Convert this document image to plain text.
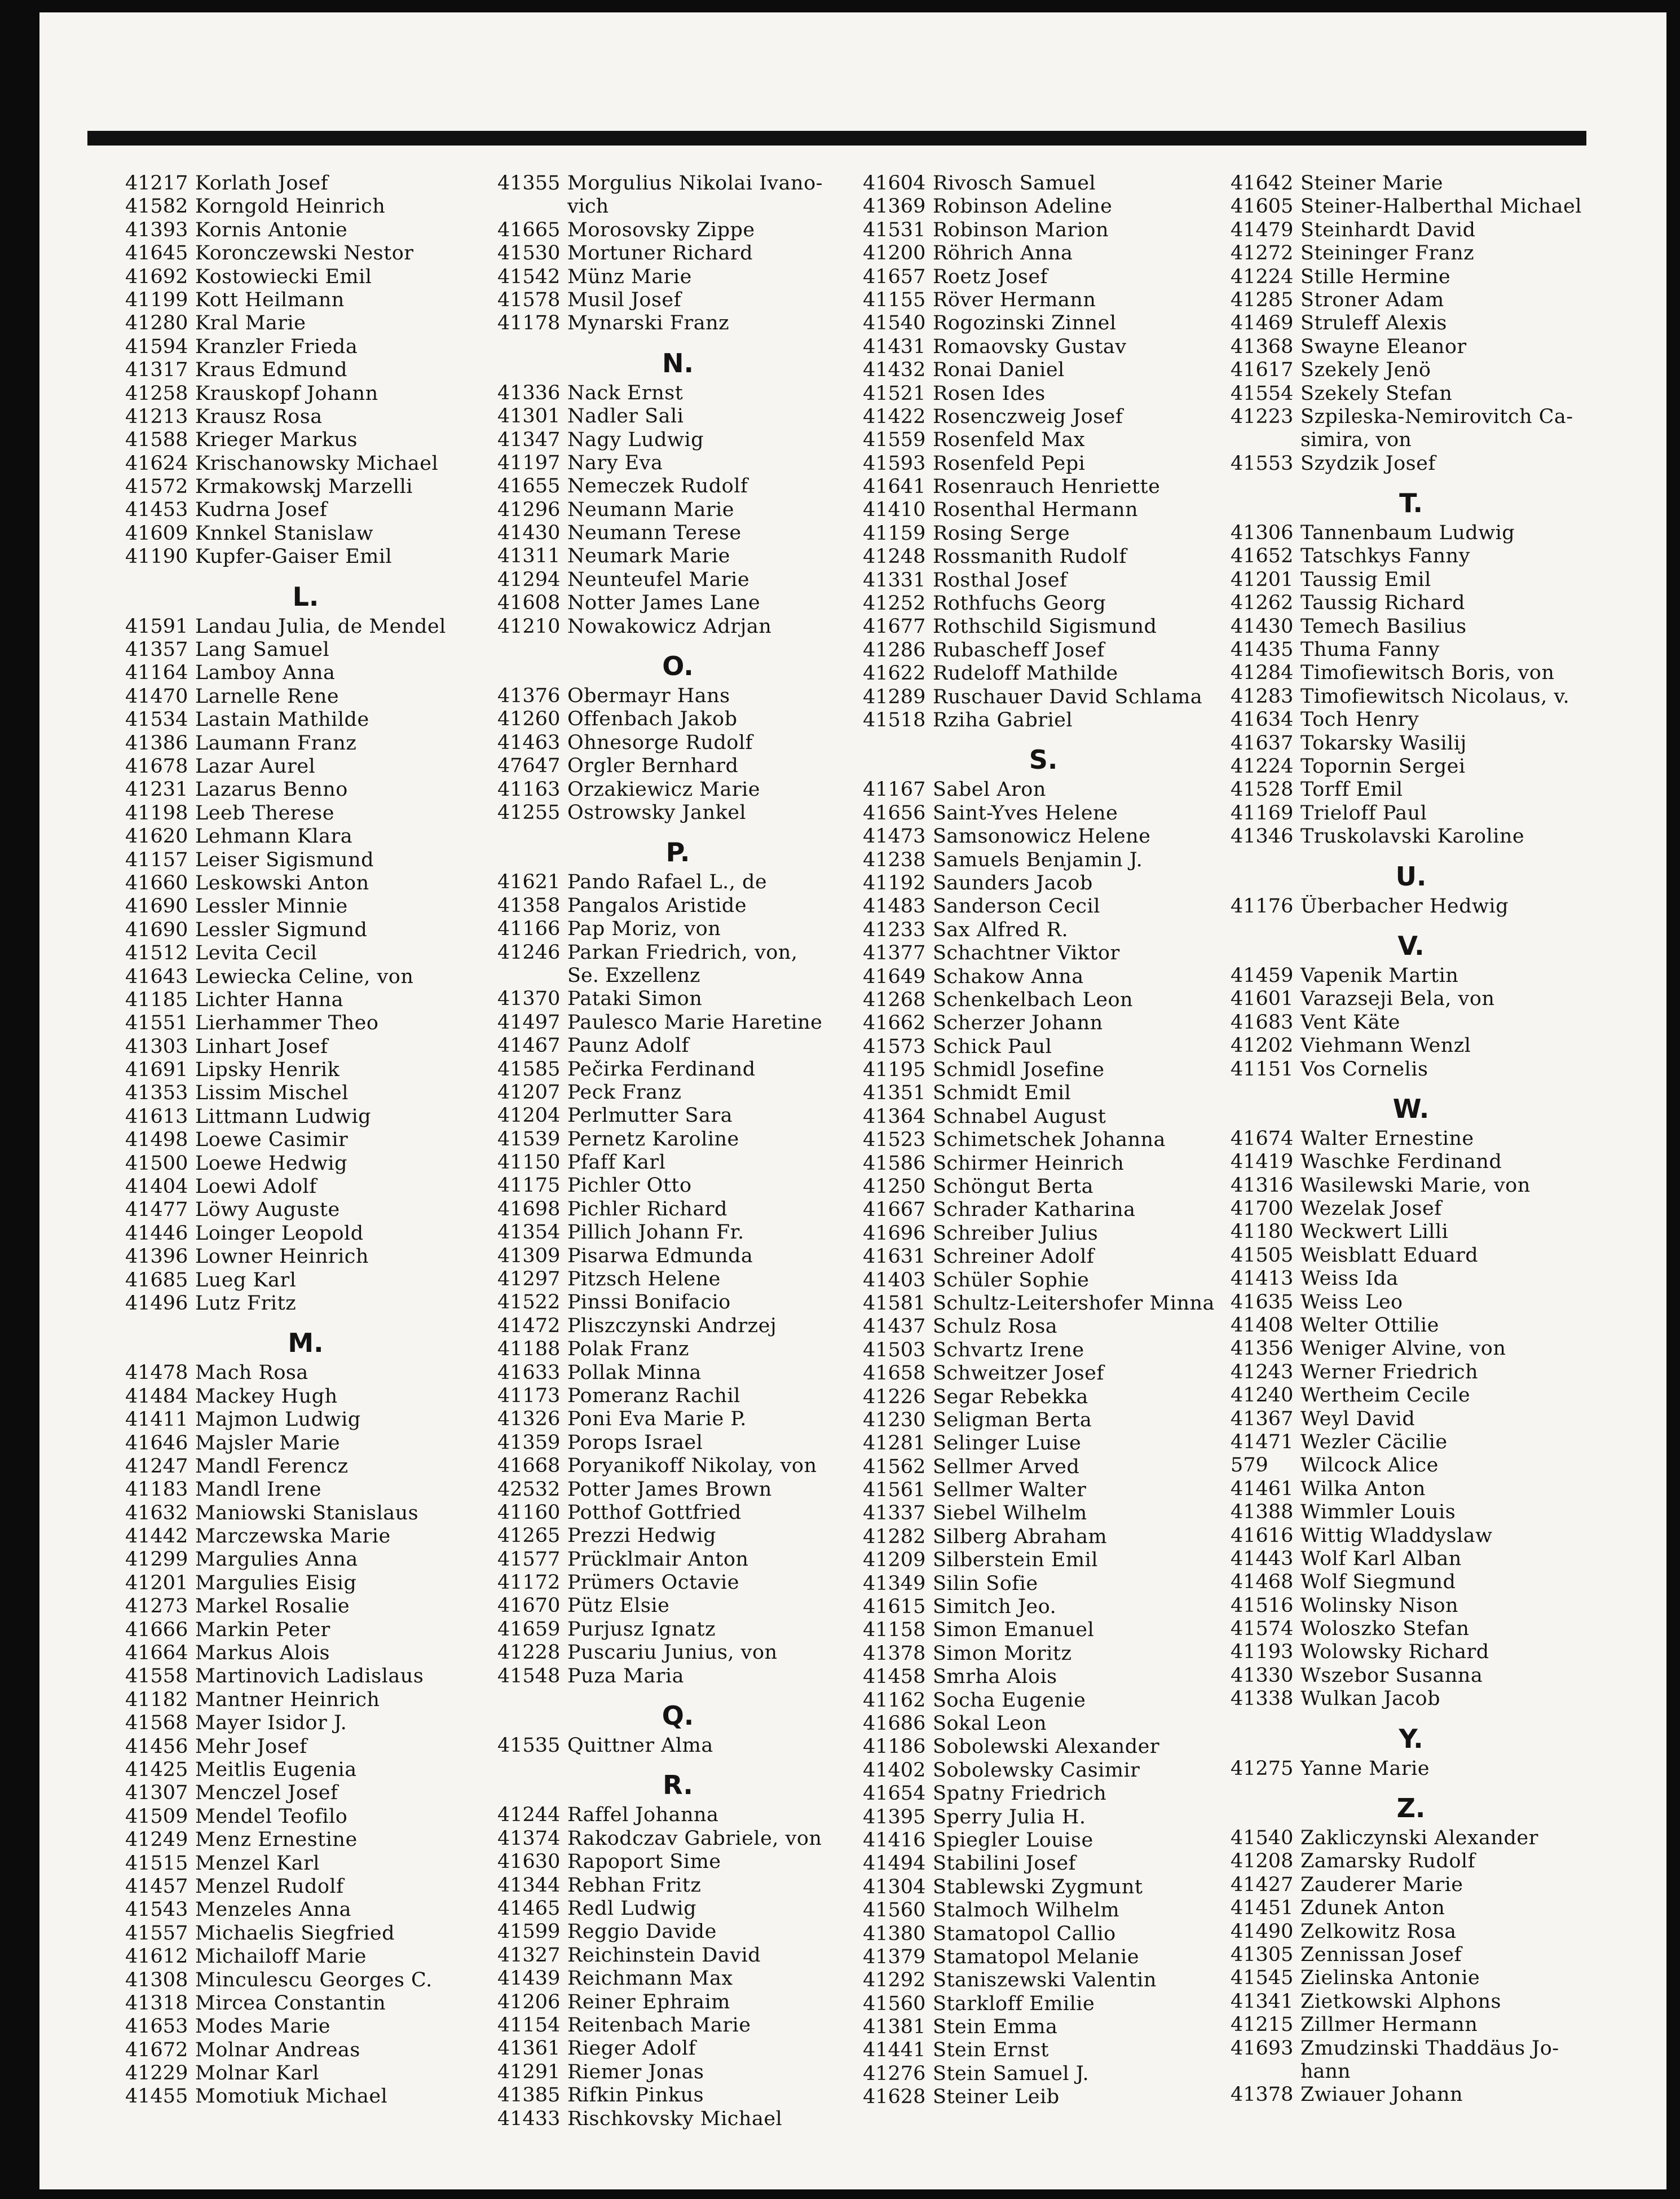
41217 Korlath Josef
41582 Korngold Heinrich
41393 Kornis Antonie
41645 Koronczewski Nestor
41692 Kostowiecki Emil
41199 Kott Heilmann
41280 Kral Marie
41594 Kranzler Frieda
41317 Kraus Edmund
41258 Krauskopf Johann
41213 Krausz Rosa
41588 Krieger Markus
41624 Krischanowsky Michael
41572 Krmakowskj Marzelli
41453 Kudrna Josef
41609 Knnkel Stanislaw
41190 Kupfer-Gaiser Emil
L.
41591 Landau Julia, de Mendel
41357 Lang Samuel
41164 Lamboy Anna
41470 Larnelle Rene
41534 Lastain Mathilde
41386 Laumann Franz
41678 Lazar Aurel
41231 Lazarus Benno
41198 Leeb Therese
41620 Lehmann Klara
41157 Leiser Sigismund
41660 Leskowski Anton
41690 Lessler Minnie
41690 Lessler Sigmund
41512 Levita Cecil
41643 Lewiecka Celine, von
41185 Lichter Hanna
41551 Lierhammer Theo
41303 Linhart Josef
41691 Lipsky Henrik
41353 Lissim Mischel
41613 Littmann Ludwig
41498 Loewe Casimir
41500 Loewe Hedwig
41404 Loewi Adolf
41477 Löwy Auguste
41446 Loinger Leopold
41396 Lowner Heinrich
41685 Lueg Karl
41496 Lutz Fritz
M.
41478 Mach Rosa
41484 Mackey Hugh
41411 Majmon Ludwig
41646 Majsler Marie
41247 Mandl Ferencz
41183 Mandl Irene
41632 Maniowski Stanislaus
41442 Marczewska Marie
41299 Margulies Anna
41201 Margulies Eisig
41273 Markel Rosalie
41666 Markin Peter
41664 Markus Alois
41558 Martinovich Ladislaus
41182 Mantner Heinrich
41568 Mayer Isidor J.
41456 Mehr Josef
41425 Meitlis Eugenia
41307 Menczel Josef
41509 Mendel Teofilo
41249 Menz Ernestine
41515 Menzel Karl
41457 Menzel Rudolf
41543 Menzeles Anna
41557 Michaelis Siegfried
41612 Michailoff Marie
41308 Minculescu Georges C.
41318 Mircea Constantin
41653 Modes Marie
41672 Molnar Andreas
41229 Molnar Karl
41455 Momotiuk Michael
41355 Morgulius Nikolai Ivano-
vich
41665 Morosovsky Zippe
41530 Mortuner Richard
41542 Münz Marie
41578 Musil Josef
41178 Mynarski Franz
N.
41336 Nack Ernst
41301 Nadler Sali
41347 Nagy Ludwig
41197 Nary Eva
41655 Nemeczek Rudolf
41296 Neumann Marie
41430 Neumann Terese
41311 Neumark Marie
41294 Neunteufel Marie
41608 Notter James Lane
41210 Nowakowicz Adrjan
O.
41376 Obermayr Hans
41260 Offenbach Jakob
41463 Ohnesorge Rudolf
47647 Orgler Bernhard
41163 Orzakiewicz Marie
41255 Ostrowsky Jankel
P.
41621 Pando Rafael L., de
41358 Pangalos Aristide
41166 Pap Moriz, von
41246 Parkan Friedrich, von,
Se. Exzellenz
41370 Pataki Simon
41497 Paulesco Marie Haretine
41467 Paunz Adolf
41585 Pečirka Ferdinand
41207 Peck Franz
41204 Perlmutter Sara
41539 Pernetz Karoline
41150 Pfaff Karl
41175 Pichler Otto
41698 Pichler Richard
41354 Pillich Johann Fr.
41309 Pisarwa Edmunda
41297 Pitzsch Helene
41522 Pinssi Bonifacio
41472 Pliszczynski Andrzej
41188 Polak Franz
41633 Pollak Minna
41173 Pomeranz Rachil
41326 Poni Eva Marie P.
41359 Porops Israel
41668 Poryanikoff Nikolay, von
42532 Potter James Brown
41160 Potthof Gottfried
41265 Prezzi Hedwig
41577 Prücklmair Anton
41172 Prümers Octavie
41670 Pütz Elsie
41659 Purjusz Ignatz
41228 Puscariu Junius, von
41548 Puza Maria
Q.
41535 Quittner Alma
R.
41244 Raffel Johanna
41374 Rakodczav Gabriele, von
41630 Rapoport Sime
41344 Rebhan Fritz
41465 Redl Ludwig
41599 Reggio Davide
41327 Reichinstein David
41439 Reichmann Max
41206 Reiner Ephraim
41154 Reitenbach Marie
41361 Rieger Adolf
41291 Riemer Jonas
41385 Rifkin Pinkus
41433 Rischkovsky Michael
41604 Rivosch Samuel
41369 Robinson Adeline
41531 Robinson Marion
41200 Röhrich Anna
41657 Roetz Josef
41155 Röver Hermann
41540 Rogozinski Zinnel
41431 Romaovsky Gustav
41432 Ronai Daniel
41521 Rosen Ides
41422 Rosenczweig Josef
41559 Rosenfeld Max
41593 Rosenfeld Pepi
41641 Rosenrauch Henriette
41410 Rosenthal Hermann
41159 Rosing Serge
41248 Rossmanith Rudolf
41331 Rosthal Josef
41252 Rothfuchs Georg
41677 Rothschild Sigismund
41286 Rubascheff Josef
41622 Rudeloff Mathilde
41289 Ruschauer David Schlama
41518 Rziha Gabriel
S.
41167 Sabel Aron
41656 Saint-Yves Helene
41473 Samsonowicz Helene
41238 Samuels Benjamin J.
41192 Saunders Jacob
41483 Sanderson Cecil
41233 Sax Alfred R.
41377 Schachtner Viktor
41649 Schakow Anna
41268 Schenkelbach Leon
41662 Scherzer Johann
41573 Schick Paul
41195 Schmidl Josefine
41351 Schmidt Emil
41364 Schnabel August
41523 Schimetschek Johanna
41586 Schirmer Heinrich
41250 Schöngut Berta
41667 Schrader Katharina
41696 Schreiber Julius
41631 Schreiner Adolf
41403 Schüler Sophie
41581 Schultz-Leitershofer Minna
41437 Schulz Rosa
41503 Schvartz Irene
41658 Schweitzer Josef
41226 Segar Rebekka
41230 Seligman Berta
41281 Selinger Luise
41562 Sellmer Arved
41561 Sellmer Walter
41337 Siebel Wilhelm
41282 Silberg Abraham
41209 Silberstein Emil
41349 Silin Sofie
41615 Simitch Jeo.
41158 Simon Emanuel
41378 Simon Moritz
41458 Smrha Alois
41162 Socha Eugenie
41686 Sokal Leon
41186 Sobolewski Alexander
41402 Sobolewsky Casimir
41654 Spatny Friedrich
41395 Sperry Julia H.
41416 Spiegler Louise
41494 Stabilini Josef
41304 Stablewski Zygmunt
41560 Stalmoch Wilhelm
41380 Stamatopol Callio
41379 Stamatopol Melanie
41292 Staniszewski Valentin
41560 Starkloff Emilie
41381 Stein Emma
41441 Stein Ernst
41276 Stein Samuel J.
41628 Steiner Leib
41642 Steiner Marie
41605 Steiner-Halberthal Michael
41479 Steinhardt David
41272 Steininger Franz
41224 Stille Hermine
41285 Stroner Adam
41469 Struleff Alexis
41368 Swayne Eleanor
41617 Szekely Jenö
41554 Szekely Stefan
41223 Szpileska-Nemirovitch Ca-
simira, von
41553 Szydzik Josef
T.
41306 Tannenbaum Ludwig
41652 Tatschkys Fanny
41201 Taussig Emil
41262 Taussig Richard
41430 Temech Basilius
41435 Thuma Fanny
41284 Timofiewitsch Boris, von
41283 Timofiewitsch Nicolaus, v.
41634 Toch Henry
41637 Tokarsky Wasilij
41224 Topornin Sergei
41528 Torff Emil
41169 Trieloff Paul
41346 Truskolavski Karoline
U.
41176 Überbacher Hedwig
V.
41459 Vapenik Martin
41601 Varazseji Bela, von
41683 Vent Käte
41202 Viehmann Wenzl
41151 Vos Cornelis
W.
41674 Walter Ernestine
41419 Waschke Ferdinand
41316 Wasilewski Marie, von
41700 Wezelak Josef
41180 Weckwert Lilli
41505 Weisblatt Eduard
41413 Weiss Ida
41635 Weiss Leo
41408 Welter Ottilie
41356 Weniger Alvine, von
41243 Werner Friedrich
41240 Wertheim Cecile
41367 Weyl David
41471 Wezler Cäcilie
579 Wilcock Alice
41461 Wilka Anton
41388 Wimmler Louis
41616 Wittig Wladdyslaw
41443 Wolf Karl Alban
41468 Wolf Siegmund
41516 Wolinsky Nison
41574 Woloszko Stefan
41193 Wolowsky Richard
41330 Wszebor Susanna
41338 Wulkan Jacob
Y.
41275 Yanne Marie
Z.
41540 Zakliczynski Alexander
41208 Zamarsky Rudolf
41427 Zauderer Marie
41451 Zdunek Anton
41490 Zelkowitz Rosa
41305 Zennissan Josef
41545 Zielinska Antonie
41341 Zietkowski Alphons
41215 Zillmer Hermann
41693 Zmudzinski Thaddäus Jo-
hann
41378 Zwiauer Johann
